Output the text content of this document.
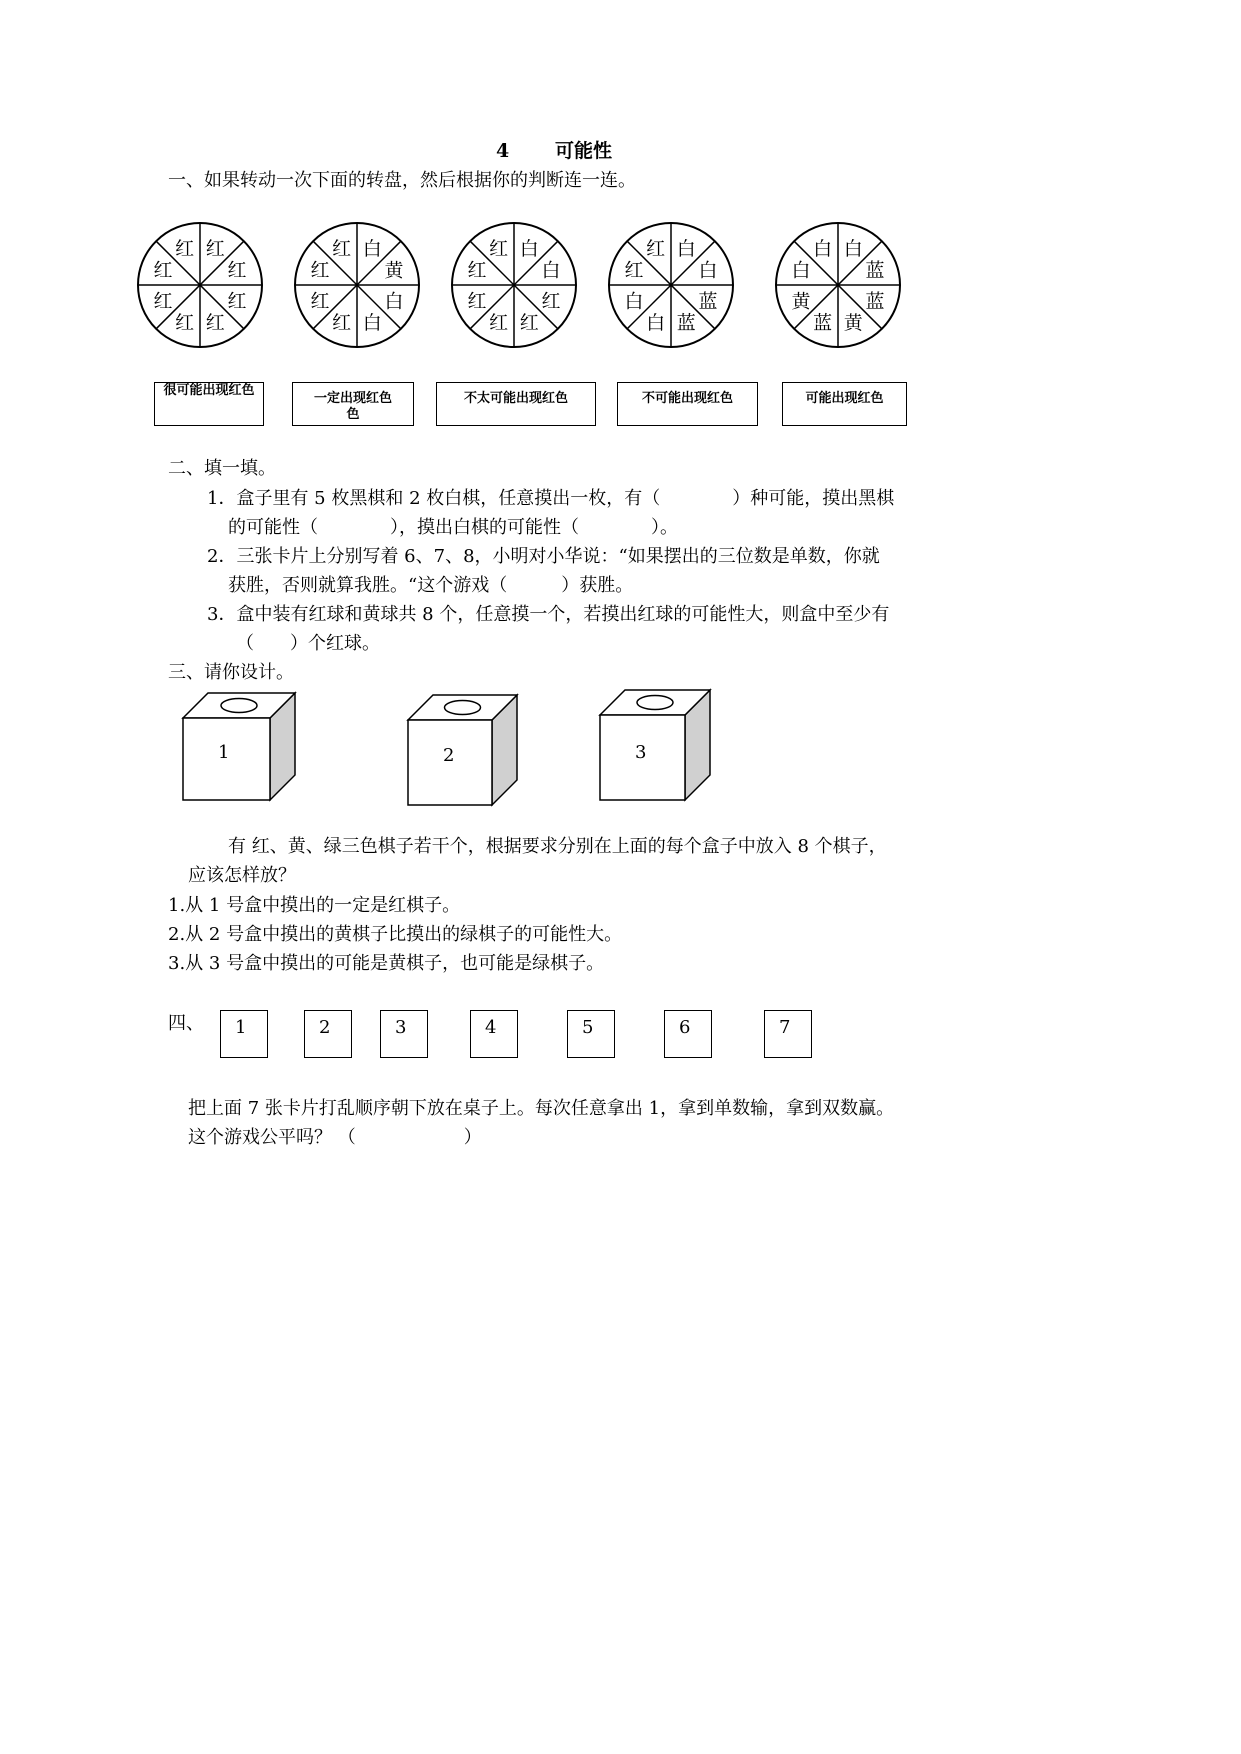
红
红
红
红
红
红
红
红	白
黄
白
白
红
红
红
红	白
白
红
红
红
红
红
红	白
白
蓝
蓝
白
白
红
红	白
蓝
蓝
黄
蓝
黄
白
白
4 可能性
一、如果转动一次下面的转盘，然后根据你的判断连一连。
很可能出现红色
一定出现红色
色
不太可能出现红色	不可能出现红色	可能出现红色
二、填一填。
1．盒子里有 5 枚黑棋和 2 枚白棋，任意摸出一枚，有（　　　　）种可能，摸出黑棋
的可能性（　　　　），摸出白棋的可能性（　　　　）。
2．三张卡片上分别写着 6、7、8，小明对小华说：“如果摆出的三位数是单数，你就
获胜，否则就算我胜。“这个游戏（　　　）获胜。
3．盒中装有红球和黄球共 8 个，任意摸一个，若摸出红球的可能性大，则盒中至少有
（　　）个红球。
三、请你设计。
1	2	3
有 红、黄、绿三色棋子若干个，根据要求分别在上面的每个盒子中放入 8 个棋子，
应该怎样放？
1.从 1 号盒中摸出的一定是红棋子。
2.从 2 号盒中摸出的黄棋子比摸出的绿棋子的可能性大。
3.从 3 号盒中摸出的可能是黄棋子，也可能是绿棋子。
四、 1	2	3	4	5	6	7
把上面 7 张卡片打乱顺序朝下放在桌子上。每次任意拿出 1，拿到单数输，拿到双数赢。
这个游戏公平吗？ （　　　　　　）
